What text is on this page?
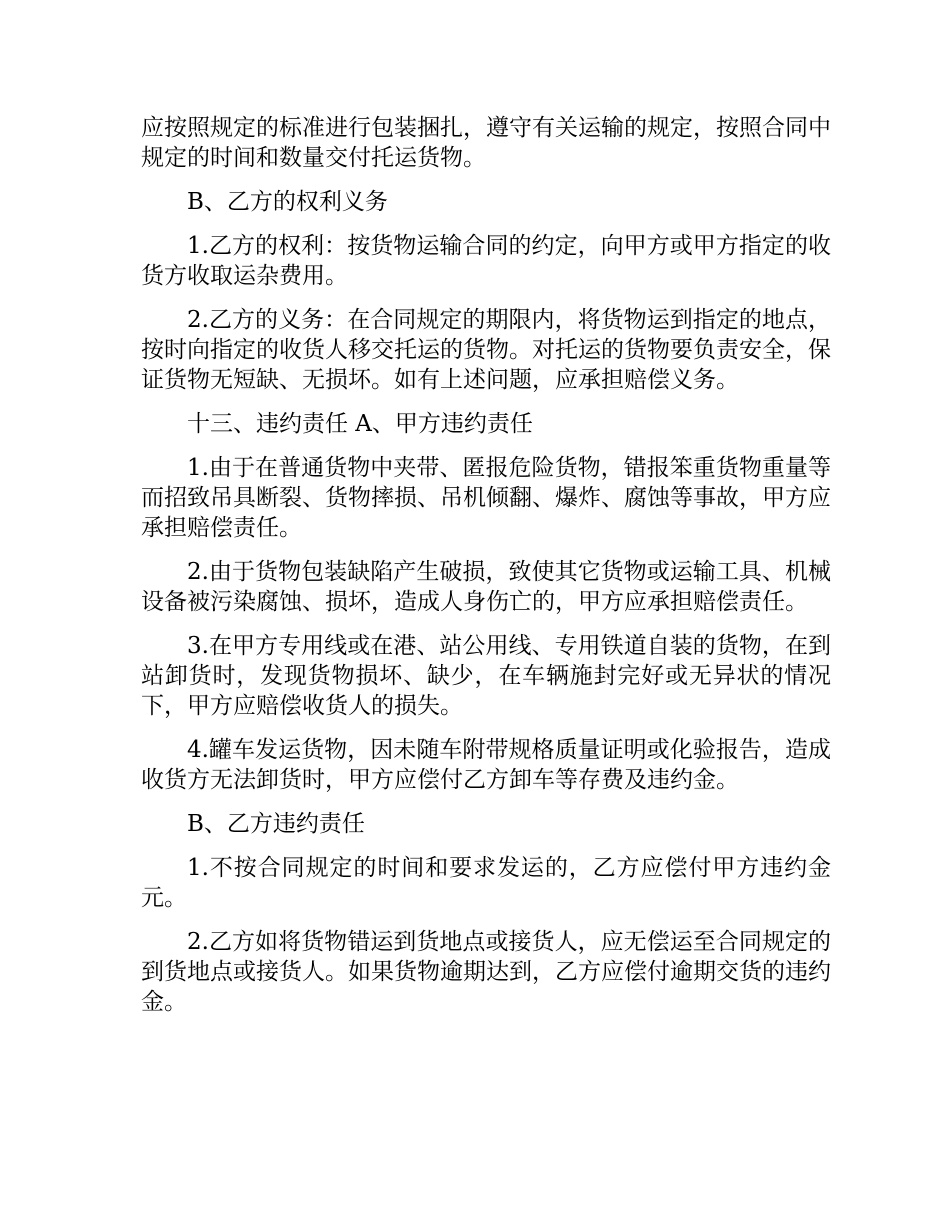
应按照规定的标准进行包装捆扎，遵守有关运输的规定，按照合同中规定的时间和数量交付托运货物。

B、乙方的权利义务

1.乙方的权利：按货物运输合同的约定，向甲方或甲方指定的收货方收取运杂费用。

2.乙方的义务：在合同规定的期限内，将货物运到指定的地点，按时向指定的收货人移交托运的货物。对托运的货物要负责安全，保证货物无短缺、无损坏。如有上述问题，应承担赔偿义务。

十三、违约责任 A、甲方违约责任

1.由于在普通货物中夹带、匿报危险货物，错报笨重货物重量等而招致吊具断裂、货物摔损、吊机倾翻、爆炸、腐蚀等事故，甲方应承担赔偿责任。

2.由于货物包装缺陷产生破损，致使其它货物或运输工具、机械设备被污染腐蚀、损坏，造成人身伤亡的，甲方应承担赔偿责任。

3.在甲方专用线或在港、站公用线、专用铁道自装的货物，在到站卸货时，发现货物损坏、缺少，在车辆施封完好或无异状的情况下，甲方应赔偿收货人的损失。

4.罐车发运货物，因未随车附带规格质量证明或化验报告，造成收货方无法卸货时，甲方应偿付乙方卸车等存费及违约金。

B、乙方违约责任

1.不按合同规定的时间和要求发运的，乙方应偿付甲方违约金元。

2.乙方如将货物错运到货地点或接货人，应无偿运至合同规定的到货地点或接货人。如果货物逾期达到，乙方应偿付逾期交货的违约金。
